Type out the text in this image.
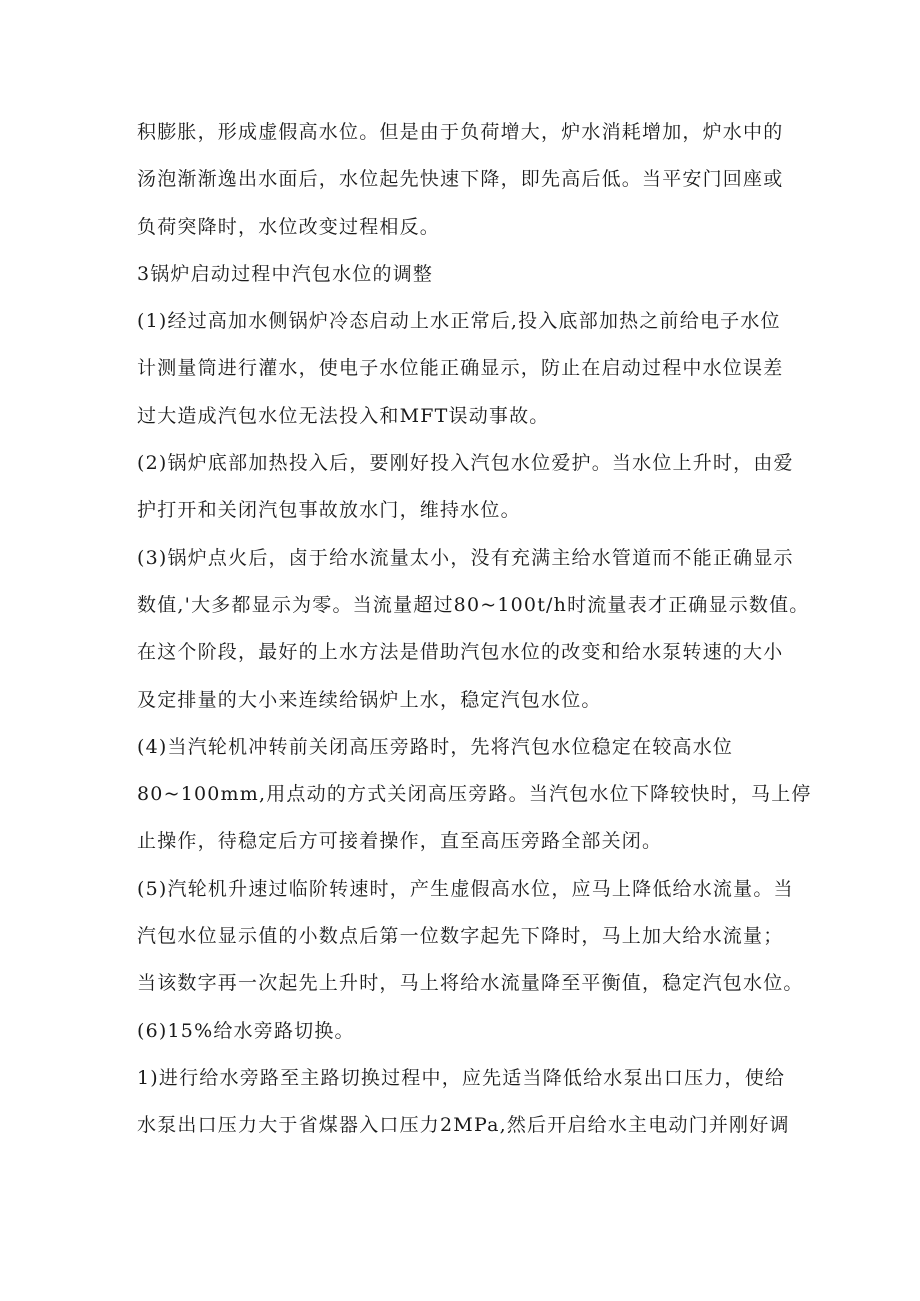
积膨胀，形成虚假高水位。但是由于负荷增大，炉水消耗增加，炉水中的
汤泡渐渐逸出水面后，水位起先快速下降，即先高后低。当平安门回座或
负荷突降时，水位改变过程相反。
3锅炉启动过程中汽包水位的调整
(1)经过高加水侧锅炉冷态启动上水正常后,投入底部加热之前给电子水位
计测量筒进行灌水，使电子水位能正确显示，防止在启动过程中水位误差
过大造成汽包水位无法投入和MFT误动事故。
(2)锅炉底部加热投入后，要刚好投入汽包水位爱护。当水位上升时，由爱
护打开和关闭汽包事故放水门，维持水位。
(3)锅炉点火后，卤于给水流量太小，没有充满主给水管道而不能正确显示
数值,'大多都显示为零。当流量超过80~100t/h时流量表才正确显示数值。
在这个阶段，最好的上水方法是借助汽包水位的改变和给水泵转速的大小
及定排量的大小来连续给锅炉上水，稳定汽包水位。
(4)当汽轮机冲转前关闭高压旁路时，先将汽包水位稳定在较高水位
80~100mm,用点动的方式关闭高压旁路。当汽包水位下降较快时，马上停
止操作，待稳定后方可接着操作，直至高压旁路全部关闭。
(5)汽轮机升速过临阶转速时，产生虚假高水位，应马上降低给水流量。当
汽包水位显示值的小数点后第一位数字起先下降时，马上加大给水流量；
当该数字再一次起先上升时，马上将给水流量降至平衡值，稳定汽包水位。
(6)15%给水旁路切换。
1)进行给水旁路至主路切换过程中，应先适当降低给水泵出口压力，使给
水泵出口压力大于省煤器入口压力2MPa,然后开启给水主电动门并刚好调
